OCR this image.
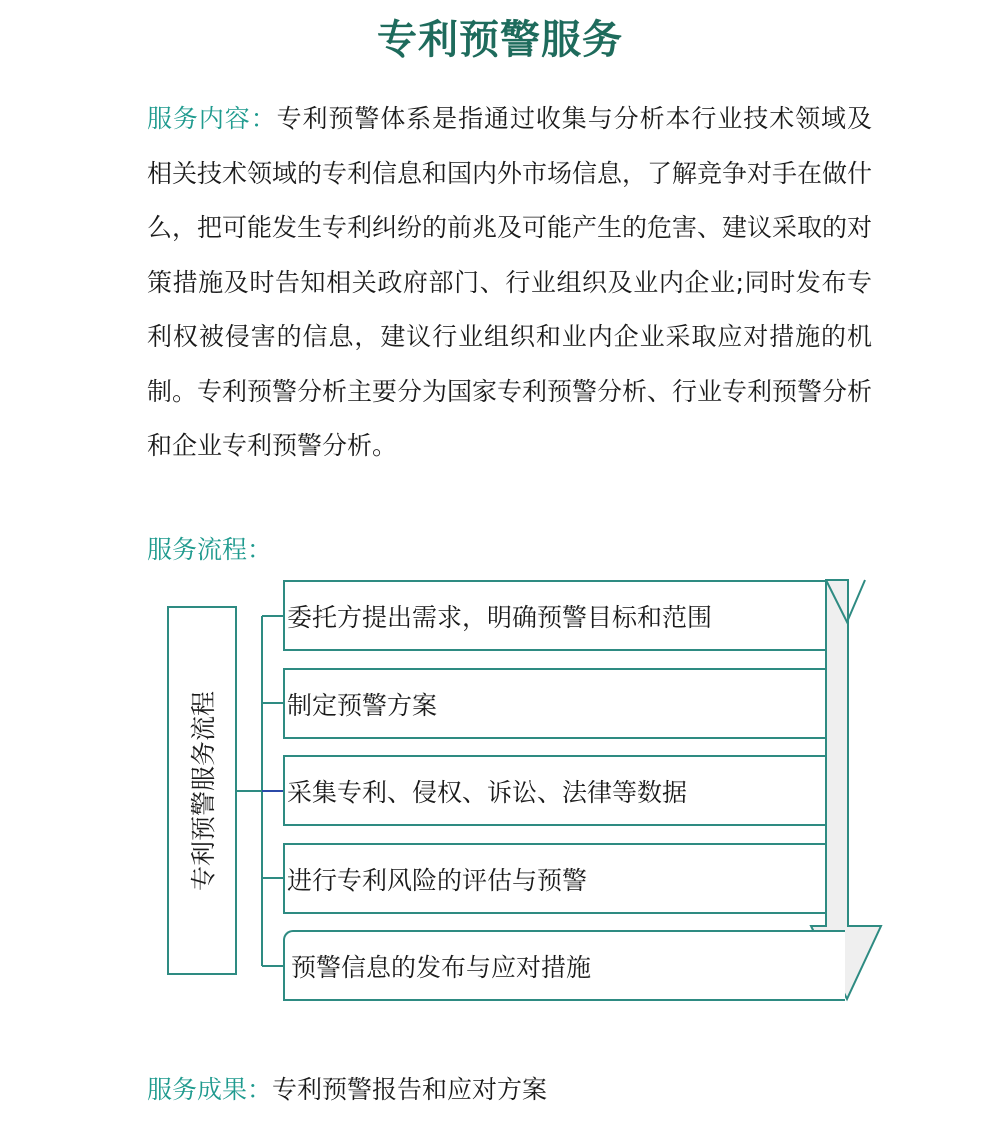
专利预警服务
服务内容：专利预警体系是指通过收集与分析本行业技术领域及相关技术领域的专利信息和国内外市场信息，了解竞争对手在做什么，把可能发生专利纠纷的前兆及可能产生的危害、建议采取的对策措施及时告知相关政府部门、行业组织及业内企业;同时发布专利权被侵害的信息，建议行业组织和业内企业采取应对措施的机制。专利预警分析主要分为国家专利预警分析、行业专利预警分析和企业专利预警分析。
服务流程：
专利预警服务流程
委托方提出需求，明确预警目标和范围
制定预警方案
采集专利、侵权、诉讼、法律等数据
进行专利风险的评估与预警
预警信息的发布与应对措施
服务成果：专利预警报告和应对方案
